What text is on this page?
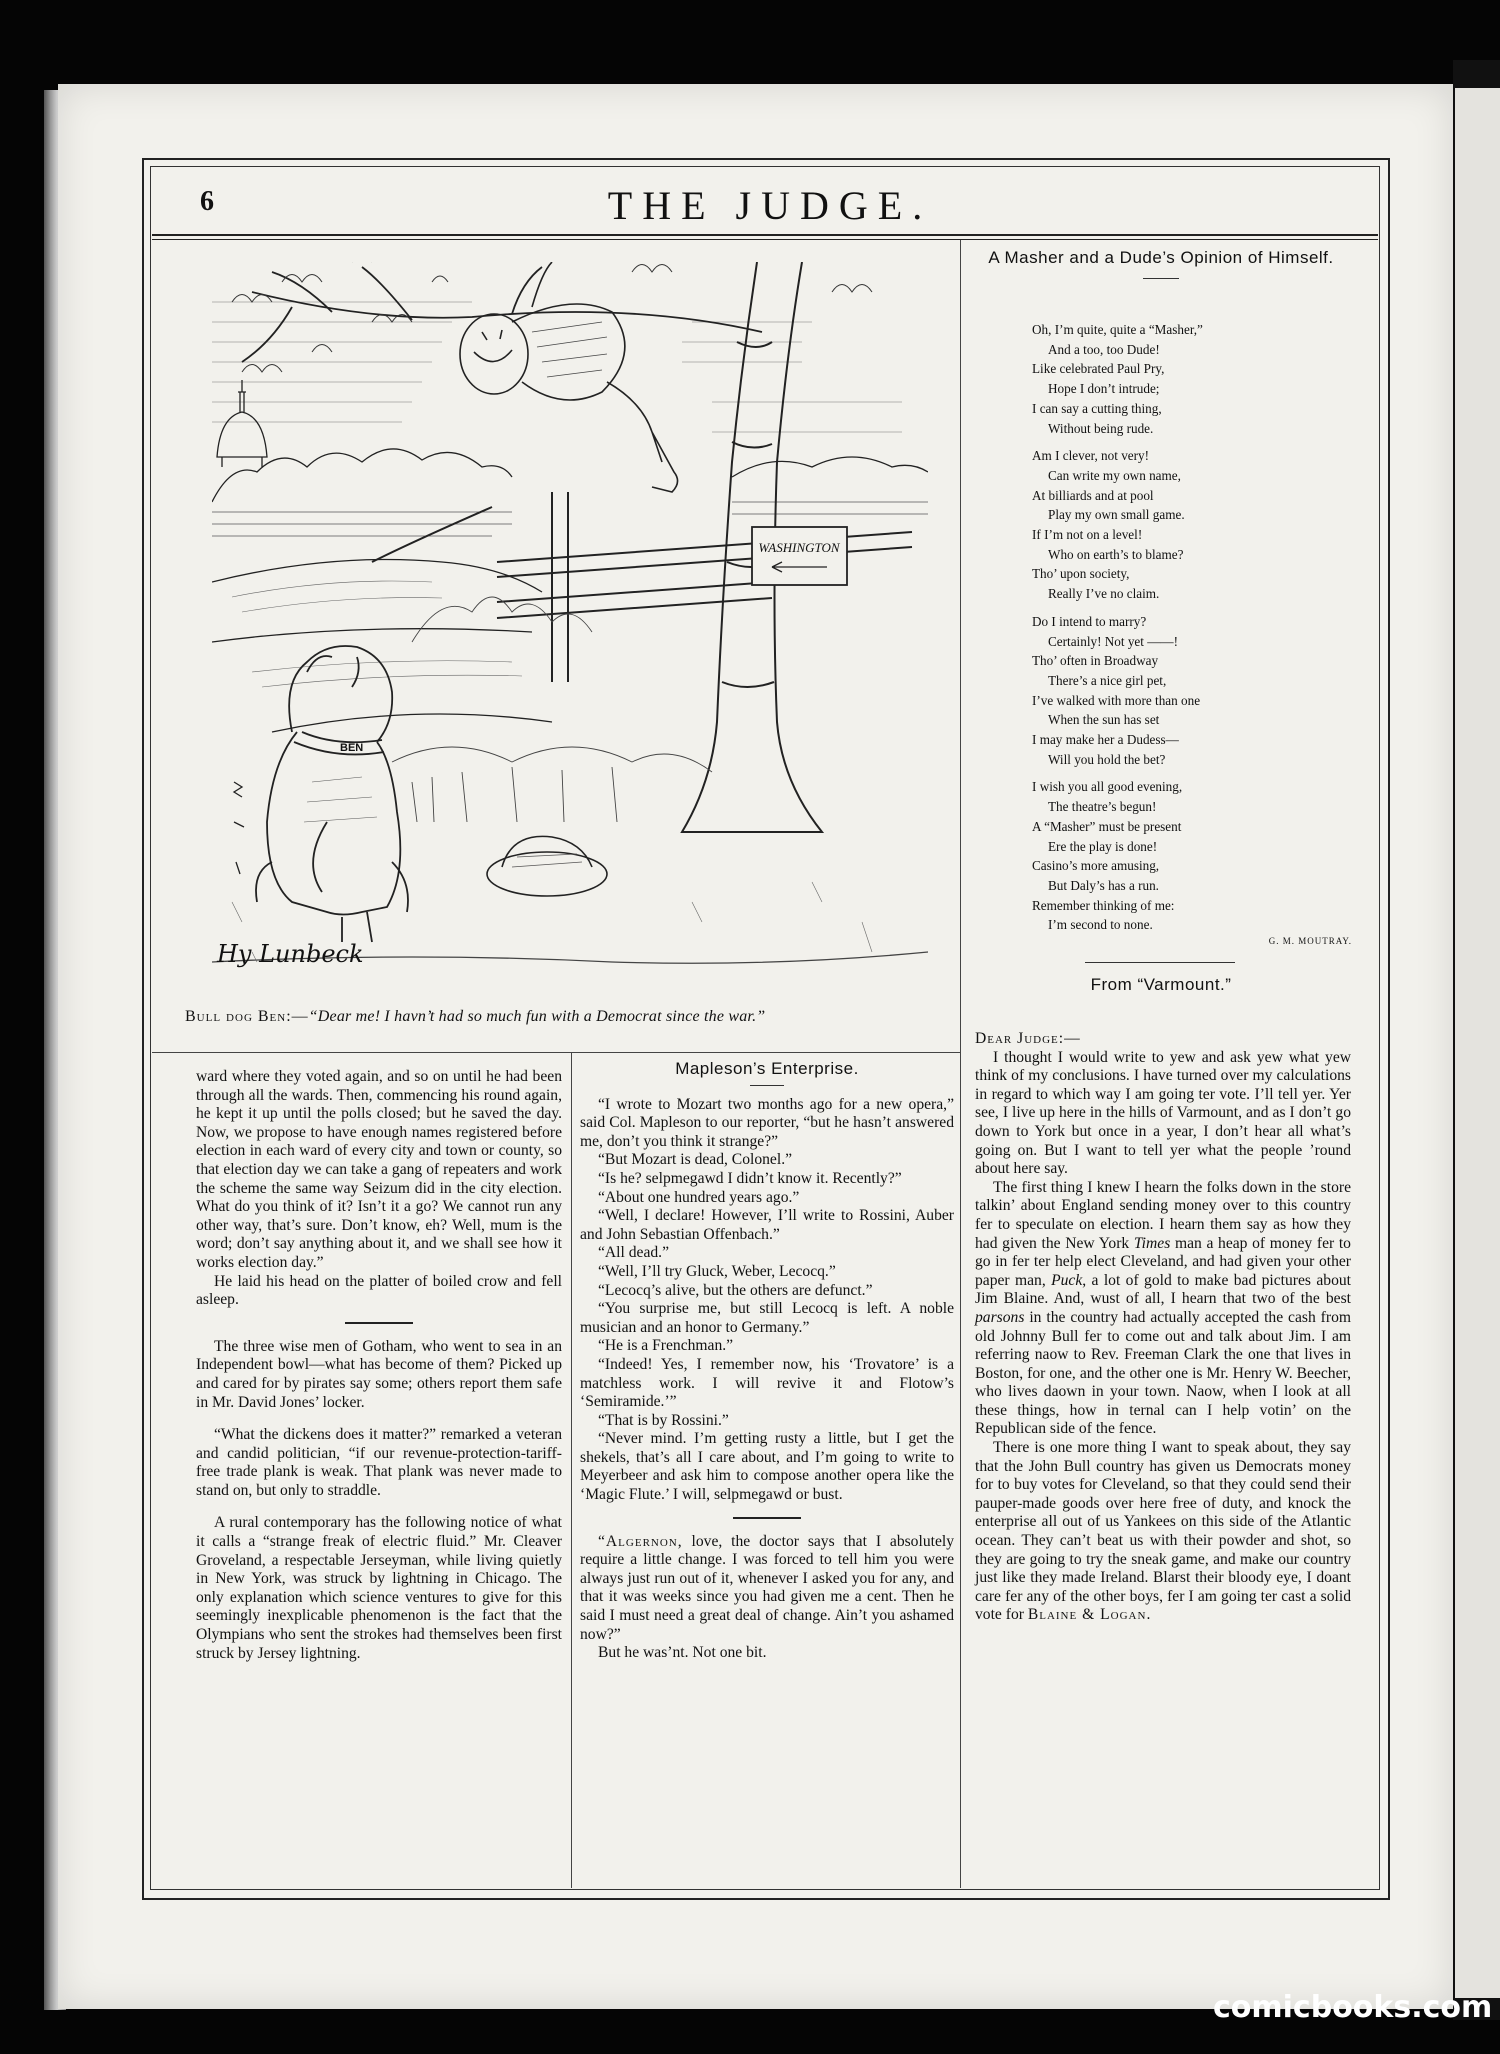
6	THE JUDGE.
WASHINGTON
BEN
Hy Lunbeck
Bull dog Ben:—“Dear me! I havn’t had so much fun with a Democrat since the war.”

ward where they voted again, and so on until he had been through all the wards. Then, commencing his round again, he kept it up until the polls closed; but he saved the day. Now, we propose to have enough names registered before election in each ward of every city and town or county, so that election day we can take a gang of repeaters and work the scheme the same way Seizum did in the city election. What do you think of it? Isn’t it a go? We cannot run any other way, that’s sure. Don’t know, eh? Well, mum is the word; don’t say anything about it, and we shall see how it works election day.”

He laid his head on the platter of boiled crow and fell asleep.

The three wise men of Gotham, who went to sea in an Independent bowl—what has become of them? Picked up and cared for by pirates say some; others report them safe in Mr. David Jones’ locker.

“What the dickens does it matter?” remarked a veteran and candid politician, “if our revenue-protection-tariff-free trade plank is weak. That plank was never made to stand on, but only to straddle.

A rural contemporary has the following notice of what it calls a “strange freak of electric fluid.” Mr. Cleaver Groveland, a respectable Jerseyman, while living quietly in New York, was struck by lightning in Chicago. The only explanation which science ventures to give for this seemingly inexplicable phenomenon is the fact that the Olympians who sent the strokes had themselves been first struck by Jersey lightning.

Mapleson’s Enterprise.

“I wrote to Mozart two months ago for a new opera,” said Col. Mapleson to our reporter, “but he hasn’t answered me, don’t you think it strange?”

“But Mozart is dead, Colonel.”

“Is he? selpmegawd I didn’t know it. Recently?”

“About one hundred years ago.”

“Well, I declare! However, I’ll write to Rossini, Auber and John Sebastian Offenbach.”

“All dead.”

“Well, I’ll try Gluck, Weber, Lecocq.”

“Lecocq’s alive, but the others are defunct.”

“You surprise me, but still Lecocq is left. A noble musician and an honor to Germany.”

“He is a Frenchman.”

“Indeed! Yes, I remember now, his ‘Trovatore’ is a matchless work. I will revive it and Flotow’s ‘Semiramide.’”

“That is by Rossini.”

“Never mind. I’m getting rusty a little, but I get the shekels, that’s all I care about, and I’m going to write to Meyerbeer and ask him to compose another opera like the ‘Magic Flute.’ I will, selpmegawd or bust.

“Algernon, love, the doctor says that I absolutely require a little change. I was forced to tell him you were always just run out of it, whenever I asked you for any, and that it was weeks since you had given me a cent. Then he said I must need a great deal of change. Ain’t you ashamed now?”

But he was’nt. Not one bit.

A Masher and a Dude’s Opinion of Himself.
Oh, I’m quite, quite a “Masher,”
And a too, too Dude!
Like celebrated Paul Pry,
Hope I don’t intrude;
I can say a cutting thing,
Without being rude.
Am I clever, not very!
Can write my own name,
At billiards and at pool
Play my own small game.
If I’m not on a level!
Who on earth’s to blame?
Tho’ upon society,
Really I’ve no claim.
Do I intend to marry?
Certainly! Not yet ——!
Tho’ often in Broadway
There’s a nice girl pet,
I’ve walked with more than one
When the sun has set
I may make her a Dudess—
Will you hold the bet?
I wish you all good evening,
The theatre’s begun!
A “Masher” must be present
Ere the play is done!
Casino’s more amusing,
But Daly’s has a run.
Remember thinking of me:
I’m second to none.
G. M. MOUTRAY.
From “Varmount.”

Dear Judge:—

I thought I would write to yew and ask yew what yew think of my conclusions. I have turned over my calculations in regard to which way I am going ter vote. I’ll tell yer. Yer see, I live up here in the hills of Varmount, and as I don’t go down to York but once in a year, I don’t hear all what’s going on. But I want to tell yer what the people ’round about here say.

The first thing I knew I hearn the folks down in the store talkin’ about England sending money over to this country fer to speculate on election. I hearn them say as how they had given the New York Times man a heap of money fer to go in fer ter help elect Cleveland, and had given your other paper man, Puck, a lot of gold to make bad pictures about Jim Blaine. And, wust of all, I hearn that two of the best parsons in the country had actually accepted the cash from old Johnny Bull fer to come out and talk about Jim. I am referring naow to Rev. Freeman Clark the one that lives in Boston, for one, and the other one is Mr. Henry W. Beecher, who lives daown in your town. Naow, when I look at all these things, how in ternal can I help votin’ on the Republican side of the fence.

There is one more thing I want to speak about, they say that the John Bull country has given us Democrats money for to buy votes for Cleveland, so that they could send their pauper-made goods over here free of duty, and knock the enterprise all out of us Yankees on this side of the Atlantic ocean. They can’t beat us with their powder and shot, so they are going to try the sneak game, and make our country just like they made Ireland. Blarst their bloody eye, I doant care fer any of the other boys, fer I am going ter cast a solid vote for Blaine & Logan.

comicbooks.com
